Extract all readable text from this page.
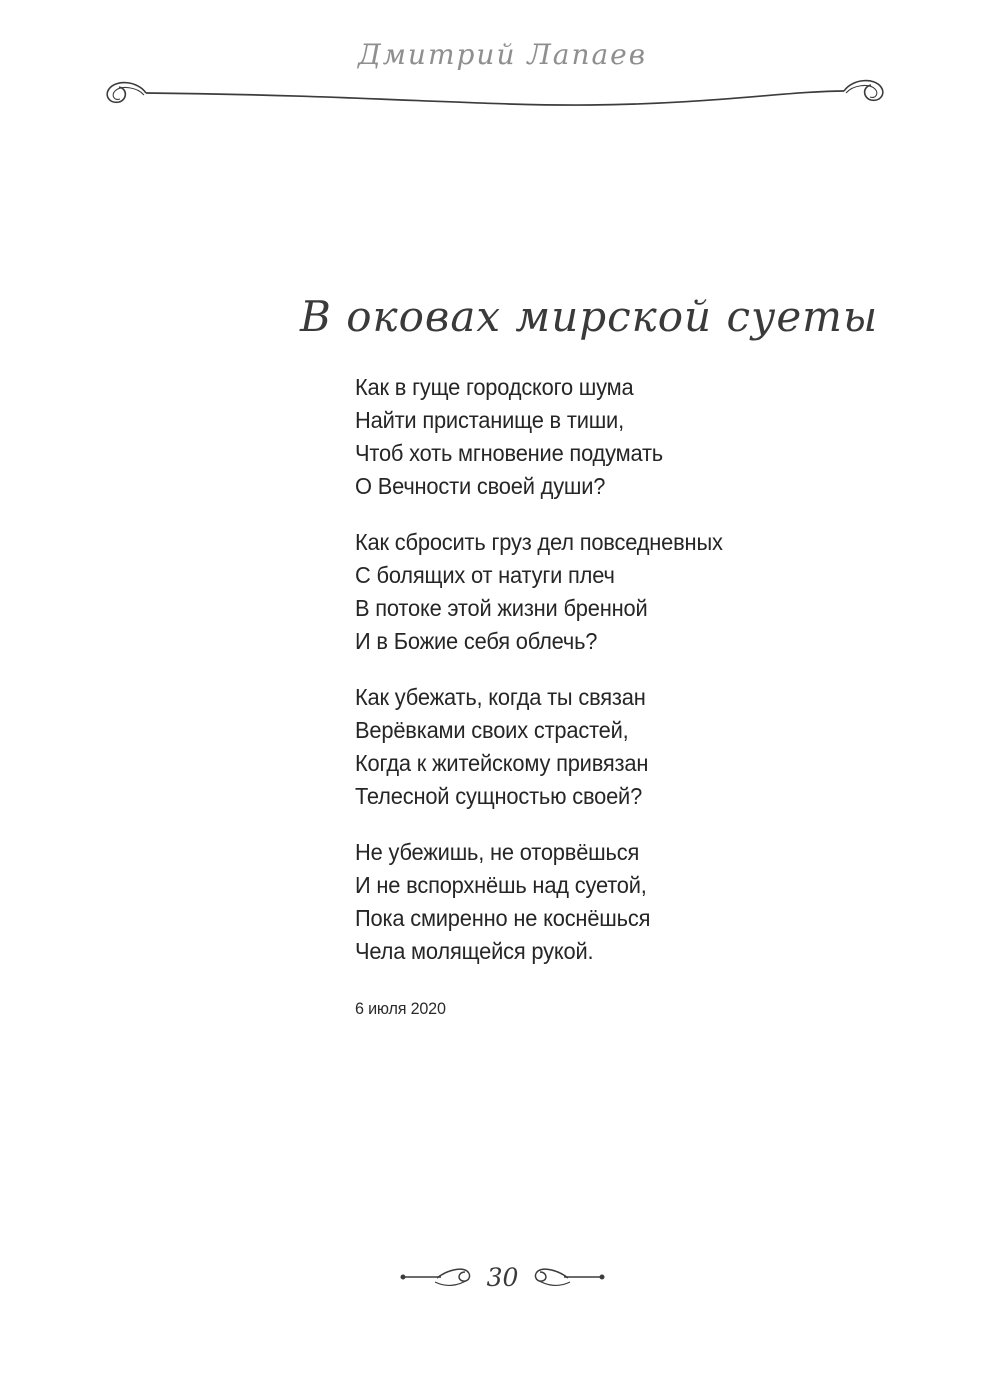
Дмитрий Лапаев
В оковах мирской суеты

Как в гуще городского шума

Найти пристанище в тиши,

Чтоб хоть мгновение подумать

О Вечности своей души?

Как сбросить груз дел повседневных

С болящих от натуги плеч

В потоке этой жизни бренной

И в Божие себя облечь?

Как убежать, когда ты связан

Верёвками своих страстей,

Когда к житейскому привязан

Телесной сущностью своей?

Не убежишь, не оторвёшься

И не вспорхнёшь над суетой,

Пока смиренно не коснёшься

Чела молящейся рукой.

6 июля 2020
30
